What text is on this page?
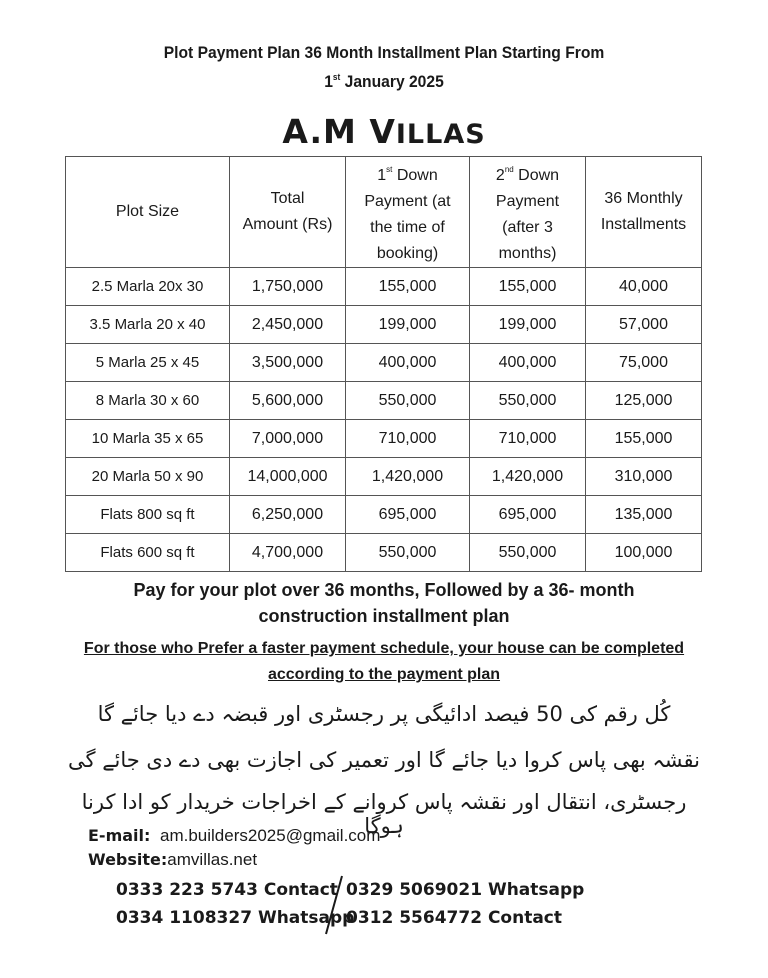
Plot Payment Plan 36 Month Installment Plan Starting From
1st January 2025
A.M VILLAS
Plot Size	Total Amount (Rs)	1st Down Payment (at the time of booking)	2nd Down Payment (after 3 months)	36 Monthly Installments

2.5 Marla 20x 30	1,750,000	155,000	155,000	40,000
3.5 Marla 20 x 40	2,450,000	199,000	199,000	57,000
5 Marla 25 x 45	3,500,000	400,000	400,000	75,000
8 Marla 30 x 60	5,600,000	550,000	550,000	125,000
10 Marla 35 x 65	7,000,000	710,000	710,000	155,000
20 Marla 50 x 90	14,000,000	1,420,000	1,420,000	310,000
Flats 800 sq ft	6,250,000	695,000	695,000	135,000
Flats 600 sq ft	4,700,000	550,000	550,000	100,000
Pay for your plot over 36 months, Followed by a 36- month
construction installment plan
For those who Prefer a faster payment schedule, your house can be completed
according to the payment plan
کُل رقم کی 50 فیصد ادائیگی پر رجسٹری اور قبضہ دے دیا جائے گا
نقشہ بھی پاس کروا دیا جائے گا اور تعمیر کی اجازت بھی دے دی جائے گی
رجسٹری، انتقال اور نقشہ پاس کروانے کے اخراجات خریدار کو ادا کرنا ہوگا
E-mail: am.builders2025@gmail.com
Website: amvillas.net
0333 223 5743 Contact
0334 1108327 Whatsapp
0329 5069021 Whatsapp
0312 5564772 Contact
